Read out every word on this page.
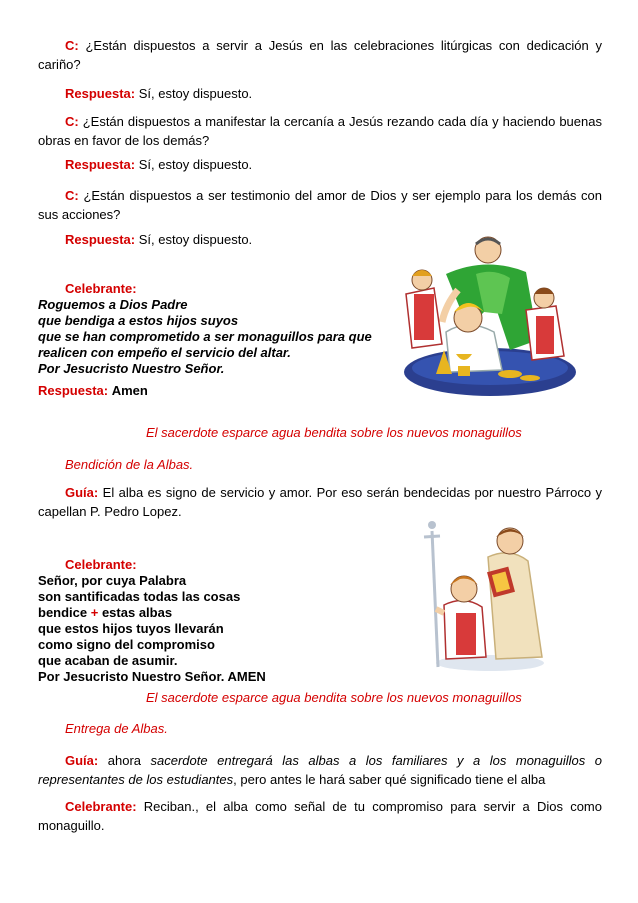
C: ¿Están dispuestos a servir a Jesús en las celebraciones litúrgicas con dedicación y cariño?

Respuesta: Sí, estoy dispuesto.

C: ¿Están dispuestos a manifestar la cercanía a Jesús rezando cada día y haciendo buenas obras en favor de los demás?

Respuesta: Sí, estoy dispuesto.

C: ¿Están dispuestos a ser testimonio del amor de Dios y ser ejemplo para los demás con sus acciones?

Respuesta: Sí, estoy dispuesto.

Celebrante:
Roguemos a Dios Padre
que bendiga a estos hijos suyos
que se han comprometido a ser monaguillos para que
realicen con empeño el servicio del altar.
Por Jesucristo Nuestro Señor.

Respuesta: Amen

El sacerdote esparce agua bendita sobre los nuevos monaguillos

Bendición de la Albas.

Guía: El alba es signo de servicio y amor. Por eso serán bendecidas por nuestro Párroco y capellan P. Pedro Lopez.

Celebrante:
Señor, por cuya Palabra
son santificadas todas las cosas
bendice + estas albas
que estos hijos tuyos llevarán
como signo del compromiso
que acaban de asumir.
Por Jesucristo Nuestro Señor. AMEN

El sacerdote esparce agua bendita sobre los nuevos monaguillos

Entrega de Albas.

Guía: ahora sacerdote entregará las albas a los familiares y a los monaguillos o representantes de los estudiantes, pero antes le hará saber qué significado tiene el alba

Celebrante: Reciban., el alba como señal de tu compromiso para servir a Dios como monaguillo.
